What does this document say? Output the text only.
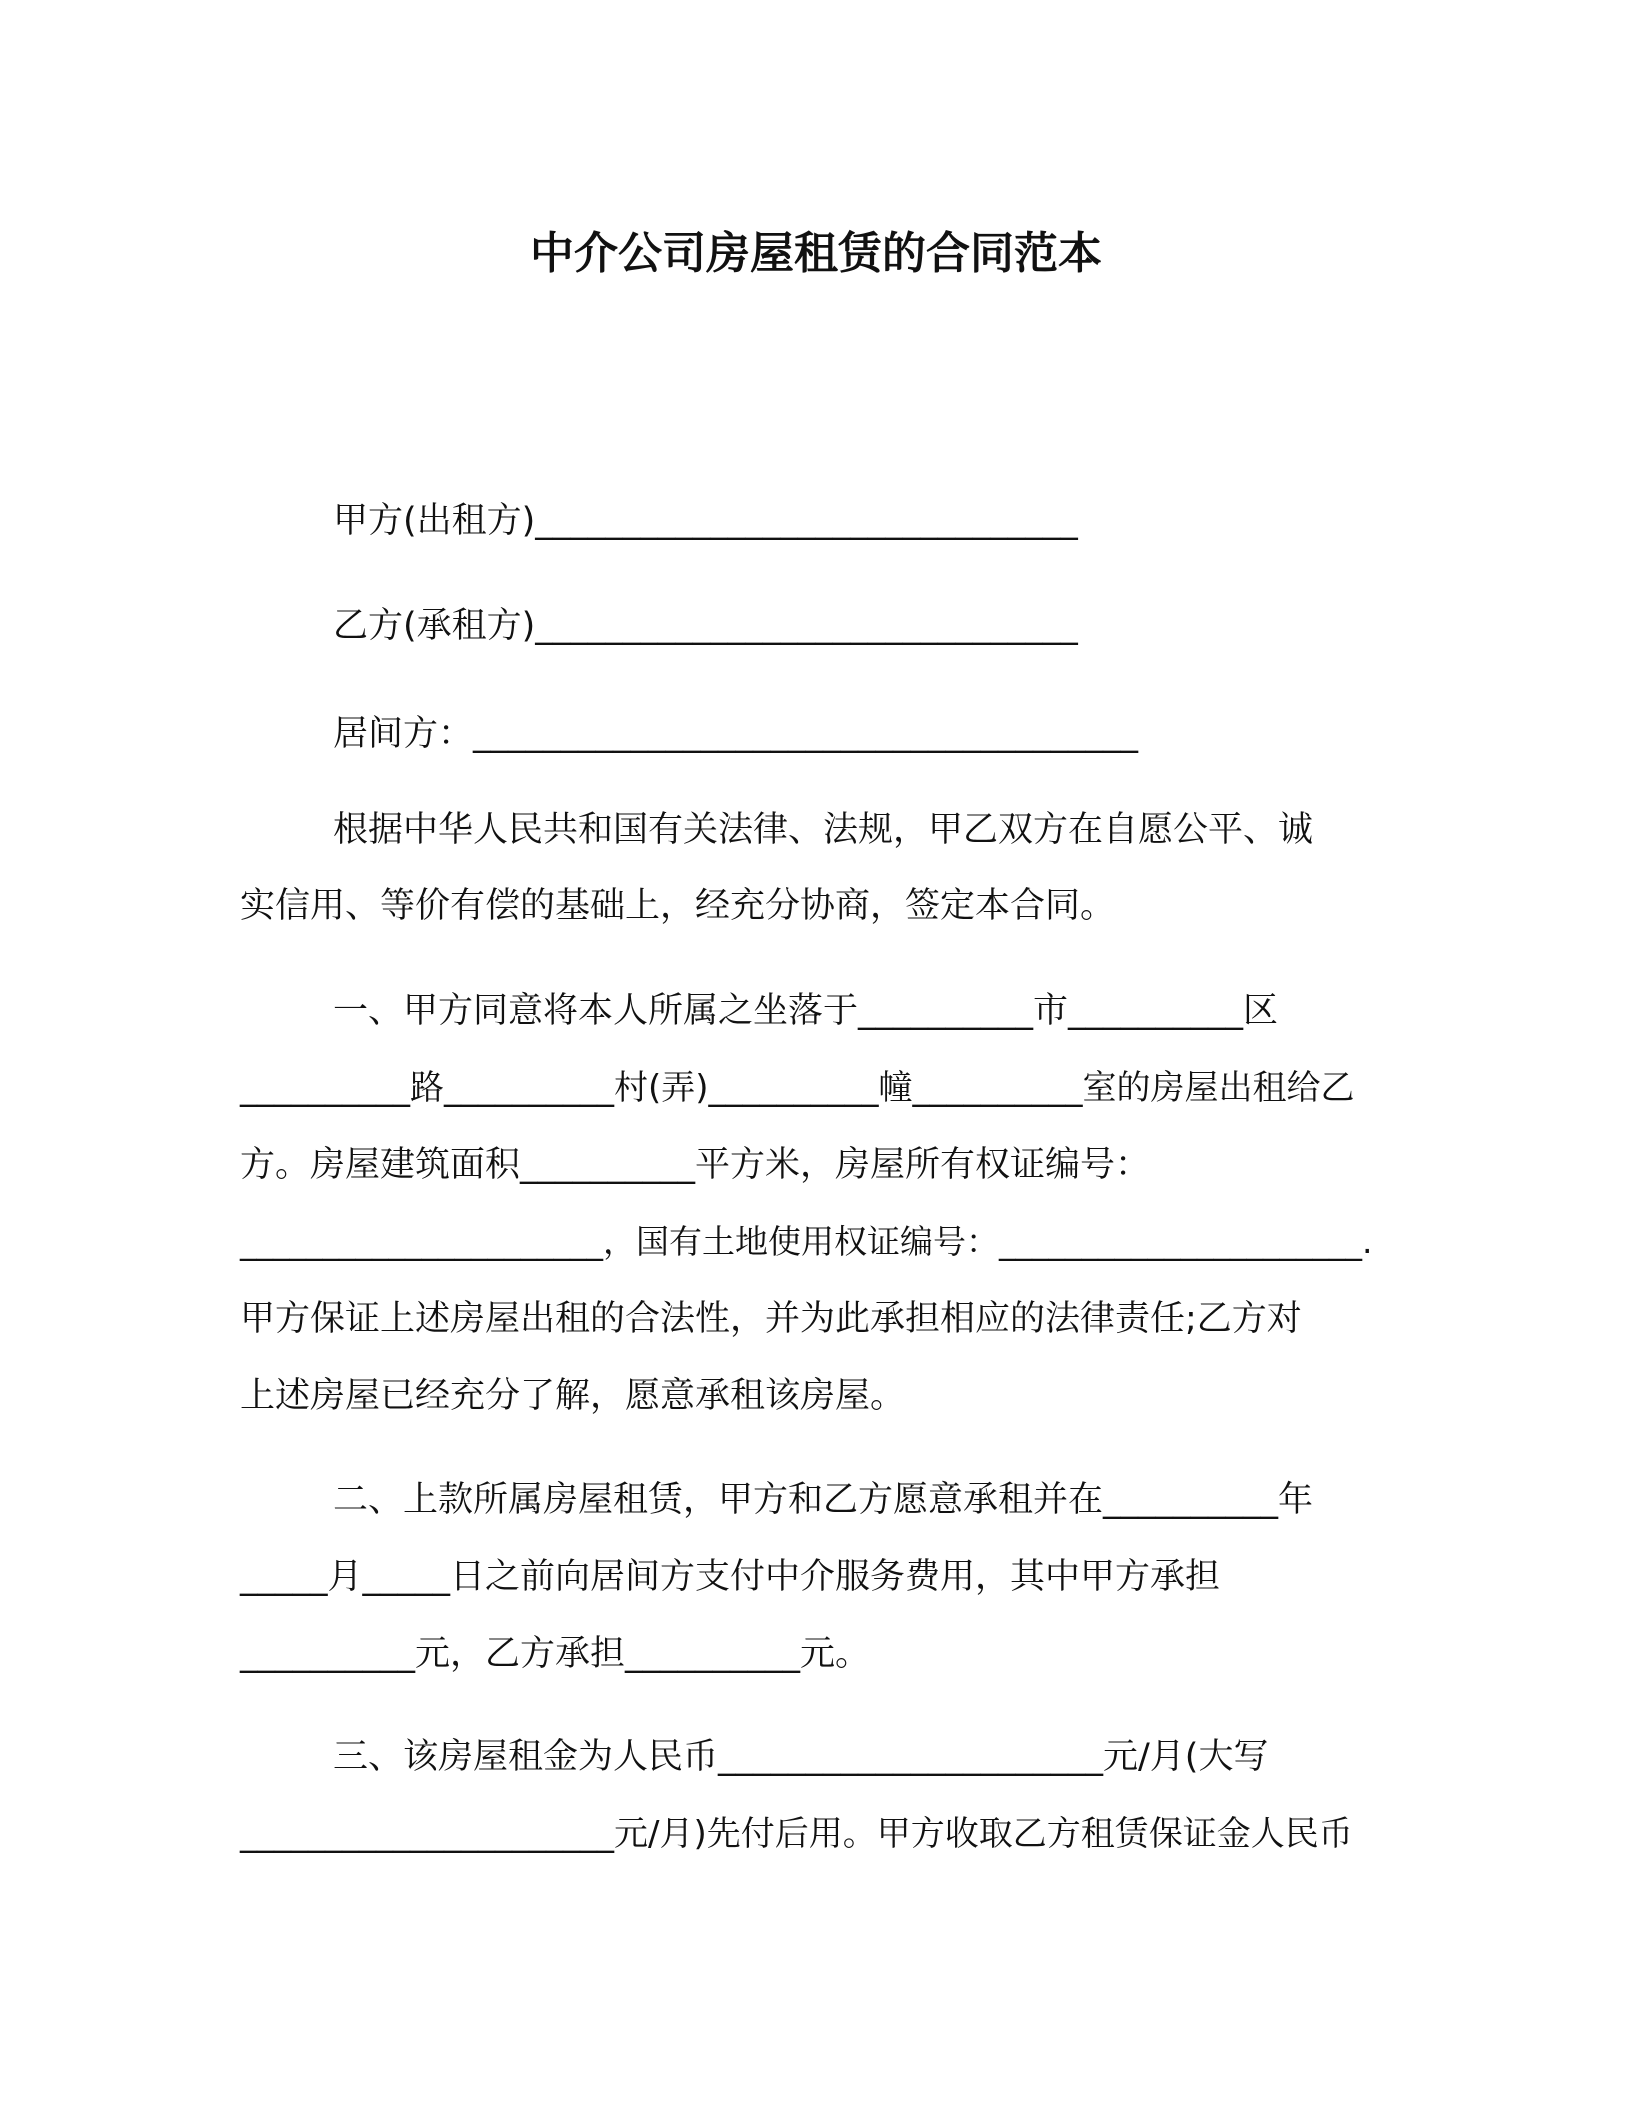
中介公司房屋租赁的合同范本

甲方(出租方)_______________________________

乙方(承租方)_______________________________

居间方：______________________________________

根据中华人民共和国有关法律、法规，甲乙双方在自愿公平、诚

实信用、等价有偿的基础上，经充分协商，签定本合同。

一、甲方同意将本人所属之坐落于__________市__________区

__________路__________村(弄)__________幢__________室的房屋出租给乙

方。房屋建筑面积__________平方米，房屋所有权证编号：

______________________，国有土地使用权证编号：______________________.

甲方保证上述房屋出租的合法性，并为此承担相应的法律责任;乙方对

上述房屋已经充分了解，愿意承租该房屋。

二、上款所属房屋租赁，甲方和乙方愿意承租并在__________年

_____月_____日之前向居间方支付中介服务费用，其中甲方承担

__________元，乙方承担__________元。

三、该房屋租金为人民币______________________元/月(大写

______________________元/月)先付后用。甲方收取乙方租赁保证金人民币
